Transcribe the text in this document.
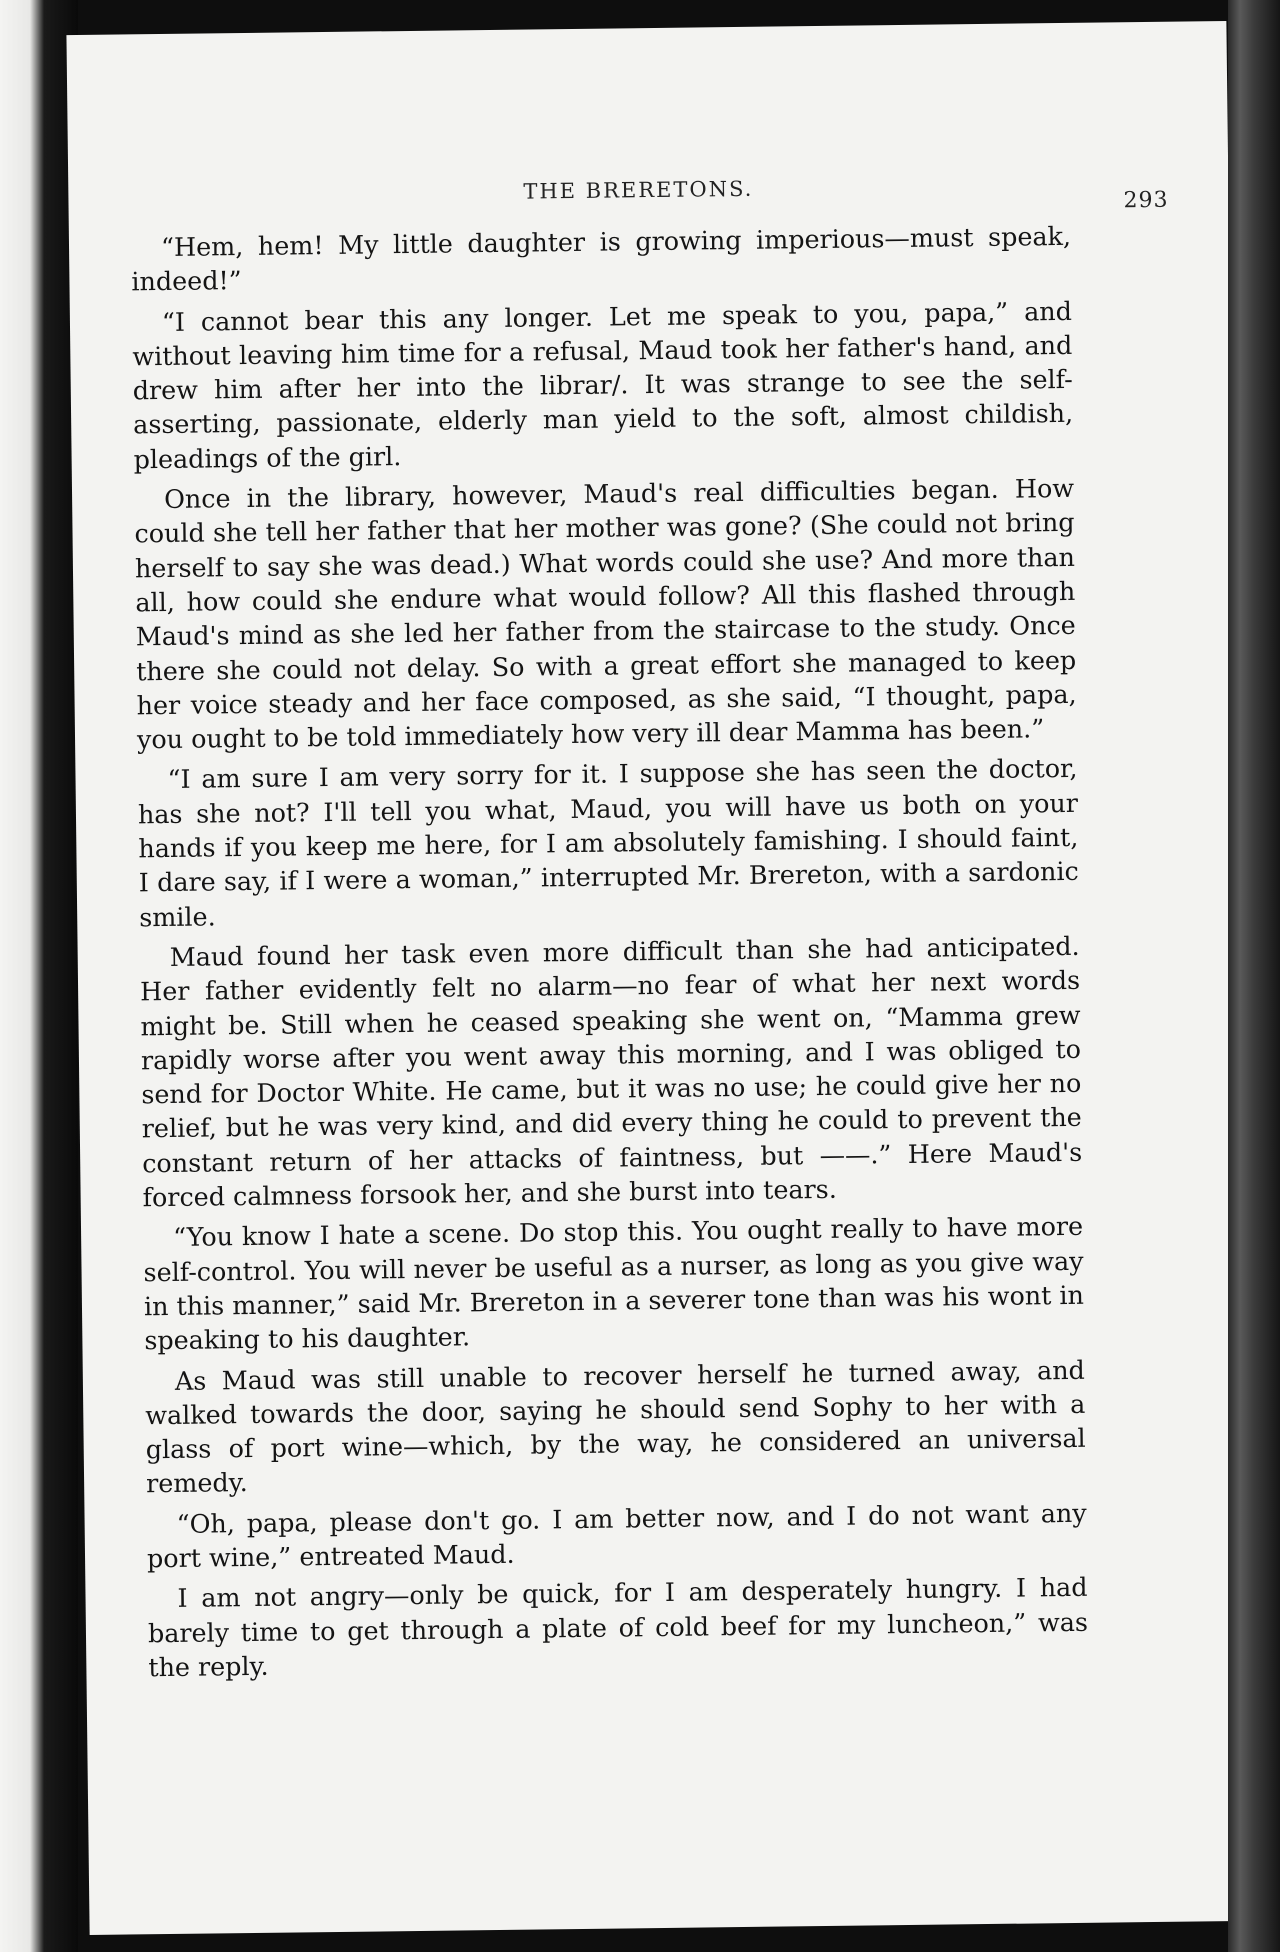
THE BRERETONS.	293

“Hem, hem! My little daughter is growing imperious—must speak, indeed!”

“I cannot bear this any longer. Let me speak to you, papa,” and without leaving him time for a refusal, Maud took her father's hand, and drew him after her into the librar/. It was strange to see the self-asserting, passionate, elderly man yield to the soft, almost childish, pleadings of the girl.

Once in the library, however, Maud's real difficulties began. How could she tell her father that her mother was gone? (She could not bring herself to say she was dead.) What words could she use? And more than all, how could she endure what would follow? All this flashed through Maud's mind as she led her father from the staircase to the study. Once there she could not delay. So with a great effort she managed to keep her voice steady and her face composed, as she said, “I thought, papa, you ought to be told immediately how very ill dear Mamma has been.”

“I am sure I am very sorry for it. I suppose she has seen the doctor, has she not? I'll tell you what, Maud, you will have us both on your hands if you keep me here, for I am absolutely famishing. I should faint, I dare say, if I were a woman,” interrupted Mr. Brereton, with a sardonic smile.

Maud found her task even more difficult than she had anticipated. Her father evidently felt no alarm—no fear of what her next words might be. Still when he ceased speaking she went on, “Mamma grew rapidly worse after you went away this morning, and I was obliged to send for Doctor White. He came, but it was no use; he could give her no relief, but he was very kind, and did every thing he could to prevent the constant return of her attacks of faintness, but ——.” Here Maud's forced calmness forsook her, and she burst into tears.

“You know I hate a scene. Do stop this. You ought really to have more self-control. You will never be useful as a nurser, as long as you give way in this manner,” said Mr. Brereton in a severer tone than was his wont in speaking to his daughter.

As Maud was still unable to recover herself he turned away, and walked towards the door, saying he should send Sophy to her with a glass of port wine—which, by the way, he considered an universal remedy.

“Oh, papa, please don't go. I am better now, and I do not want any port wine,” entreated Maud.

I am not angry—only be quick, for I am desperately hungry. I had barely time to get through a plate of cold beef for my luncheon,” was the reply.
